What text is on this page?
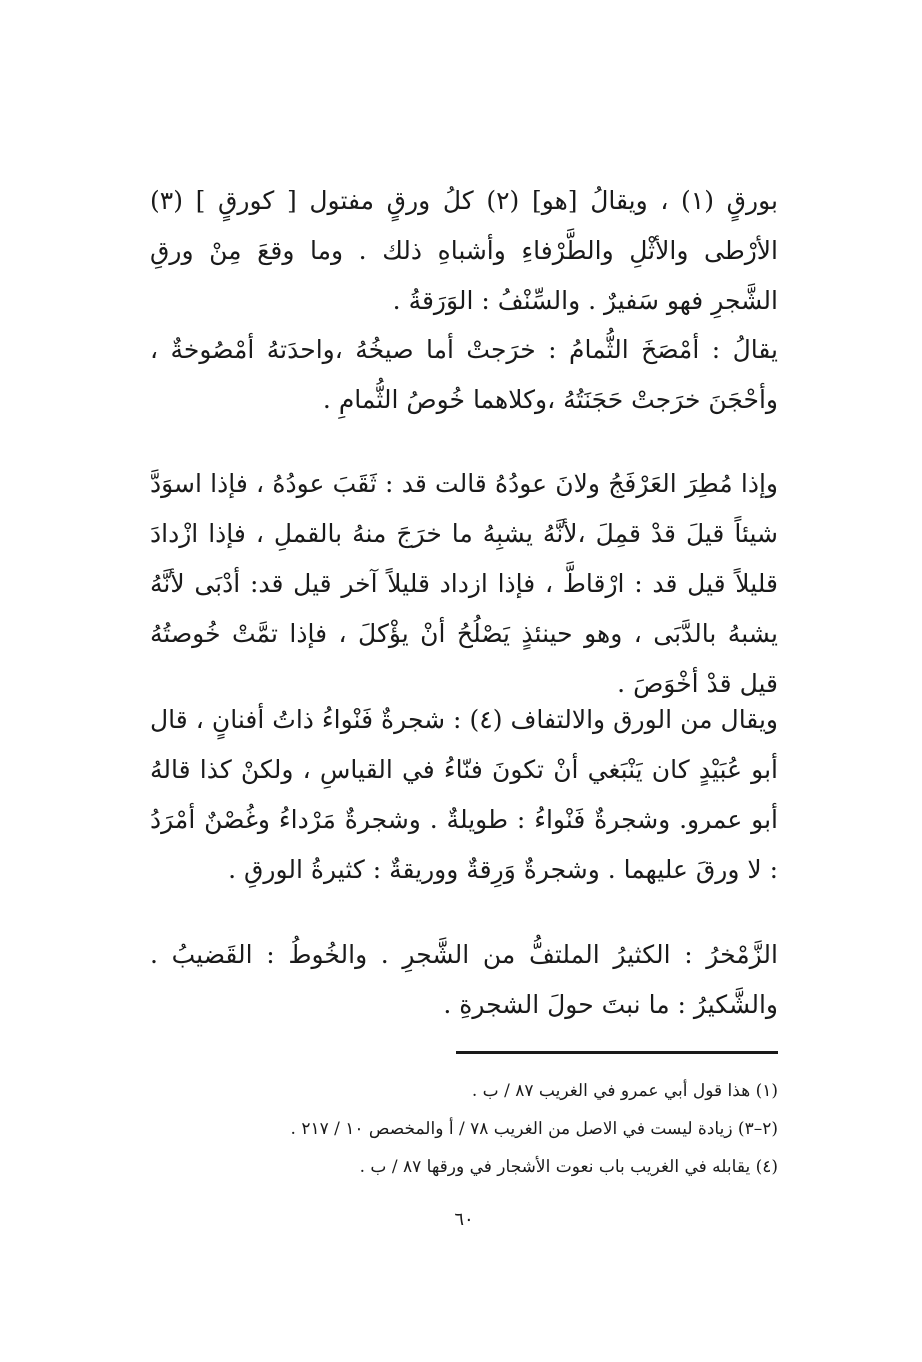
بورقٍ (١) ، ويقالُ [هو] (٢) كلُ ورقٍ مفتول [ كورقٍ ] (٣) الأرْطى والأثْلِ والطَّرْفاءِ وأشباهِ ذلك . وما وقعَ مِنْ ورقِ الشَّجرِ فهو سَفيرٌ . والسِّنْفُ : الوَرَقةُ .

يقالُ : أمْصَخَ الثُّمامُ : خرَجتْ أما صيخُهُ ،واحدَتهُ أمْصُوخةٌ ، وأحْجَنَ خرَجتْ حَجَنَتُهُ ،وكلاهما خُوصُ الثُّمامِ .

وإذا مُطِرَ العَرْفَجُ ولانَ عودُهُ قالت قد : ثَقَبَ عودُهُ ، فإذا اسوَدَّ شيئاً قيلَ قدْ قمِلَ ،لأنَّهُ يشبِهُ ما خرَجَ منهُ بالقملِ ، فإذا ازْدادَ قليلاً قيل قد : ارْقاطَّ ، فإذا ازداد قليلاً آخر قيل قد: أدْبَى لأنَّهُ يشبهُ بالدَّبَى ، وهو حينئذٍ يَصْلُحُ أنْ يؤْكلَ ، فإذا تمَّتْ خُوصتُهُ قيل قدْ أخْوَصَ .

ويقال من الورق والالتفاف (٤) : شجرةٌ فَنْواءُ ذاتُ أفنانٍ ، قال أبو عُبَيْدٍ كان يَنْبَغي أنْ تكونَ فنّاءُ في القياسِ ، ولكنْ كذا قالهُ أبو عمرو. وشجرةٌ فَنْواءُ : طويلةٌ . وشجرةٌ مَرْداءُ وغُصْنٌ أمْرَدُ : لا ورقَ عليهما . وشجرةٌ وَرِقةٌ ووريقةٌ : كثيرةُ الورقِ .

الزَّمْخرُ : الكثيرُ الملتفُّ من الشَّجرِ . والخُوطُ : القَضيبُ . والشَّكيرُ : ما نبتَ حولَ الشجرةِ .

(١) هذا قول أبي عمرو في الغريب ٨٧ / ب .
(٢–٣) زيادة ليست في الاصل من الغريب ٧٨ / أ والمخصص ١٠ / ٢١٧ .
(٤) يقابله في الغريب باب نعوت الأشجار في ورقها ٨٧ / ب .
٦٠
